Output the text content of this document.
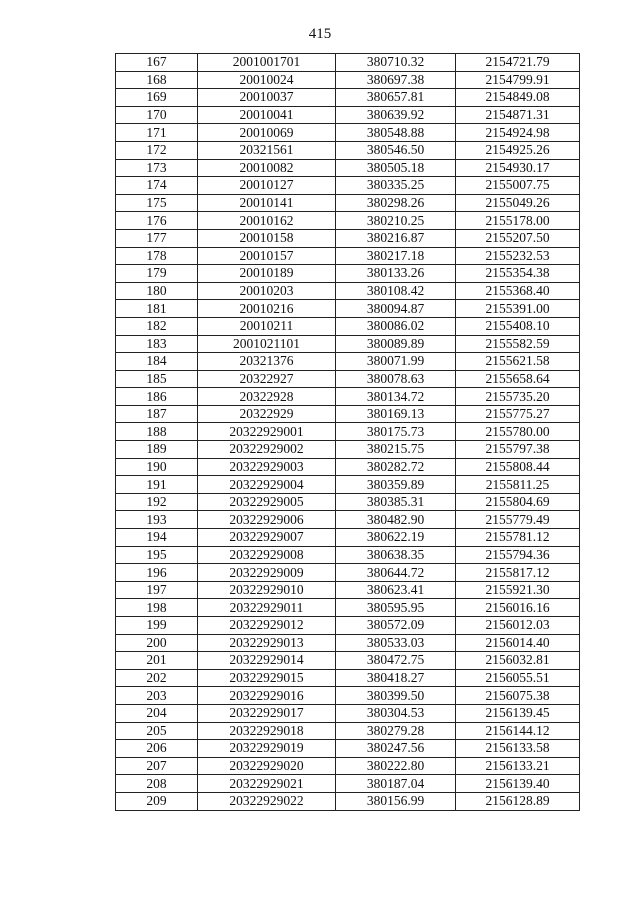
415
167	2001001701	380710.32	2154721.79
168	20010024	380697.38	2154799.91
169	20010037	380657.81	2154849.08
170	20010041	380639.92	2154871.31
171	20010069	380548.88	2154924.98
172	20321561	380546.50	2154925.26
173	20010082	380505.18	2154930.17
174	20010127	380335.25	2155007.75
175	20010141	380298.26	2155049.26
176	20010162	380210.25	2155178.00
177	20010158	380216.87	2155207.50
178	20010157	380217.18	2155232.53
179	20010189	380133.26	2155354.38
180	20010203	380108.42	2155368.40
181	20010216	380094.87	2155391.00
182	20010211	380086.02	2155408.10
183	2001021101	380089.89	2155582.59
184	20321376	380071.99	2155621.58
185	20322927	380078.63	2155658.64
186	20322928	380134.72	2155735.20
187	20322929	380169.13	2155775.27
188	20322929001	380175.73	2155780.00
189	20322929002	380215.75	2155797.38
190	20322929003	380282.72	2155808.44
191	20322929004	380359.89	2155811.25
192	20322929005	380385.31	2155804.69
193	20322929006	380482.90	2155779.49
194	20322929007	380622.19	2155781.12
195	20322929008	380638.35	2155794.36
196	20322929009	380644.72	2155817.12
197	20322929010	380623.41	2155921.30
198	20322929011	380595.95	2156016.16
199	20322929012	380572.09	2156012.03
200	20322929013	380533.03	2156014.40
201	20322929014	380472.75	2156032.81
202	20322929015	380418.27	2156055.51
203	20322929016	380399.50	2156075.38
204	20322929017	380304.53	2156139.45
205	20322929018	380279.28	2156144.12
206	20322929019	380247.56	2156133.58
207	20322929020	380222.80	2156133.21
208	20322929021	380187.04	2156139.40
209	20322929022	380156.99	2156128.89
